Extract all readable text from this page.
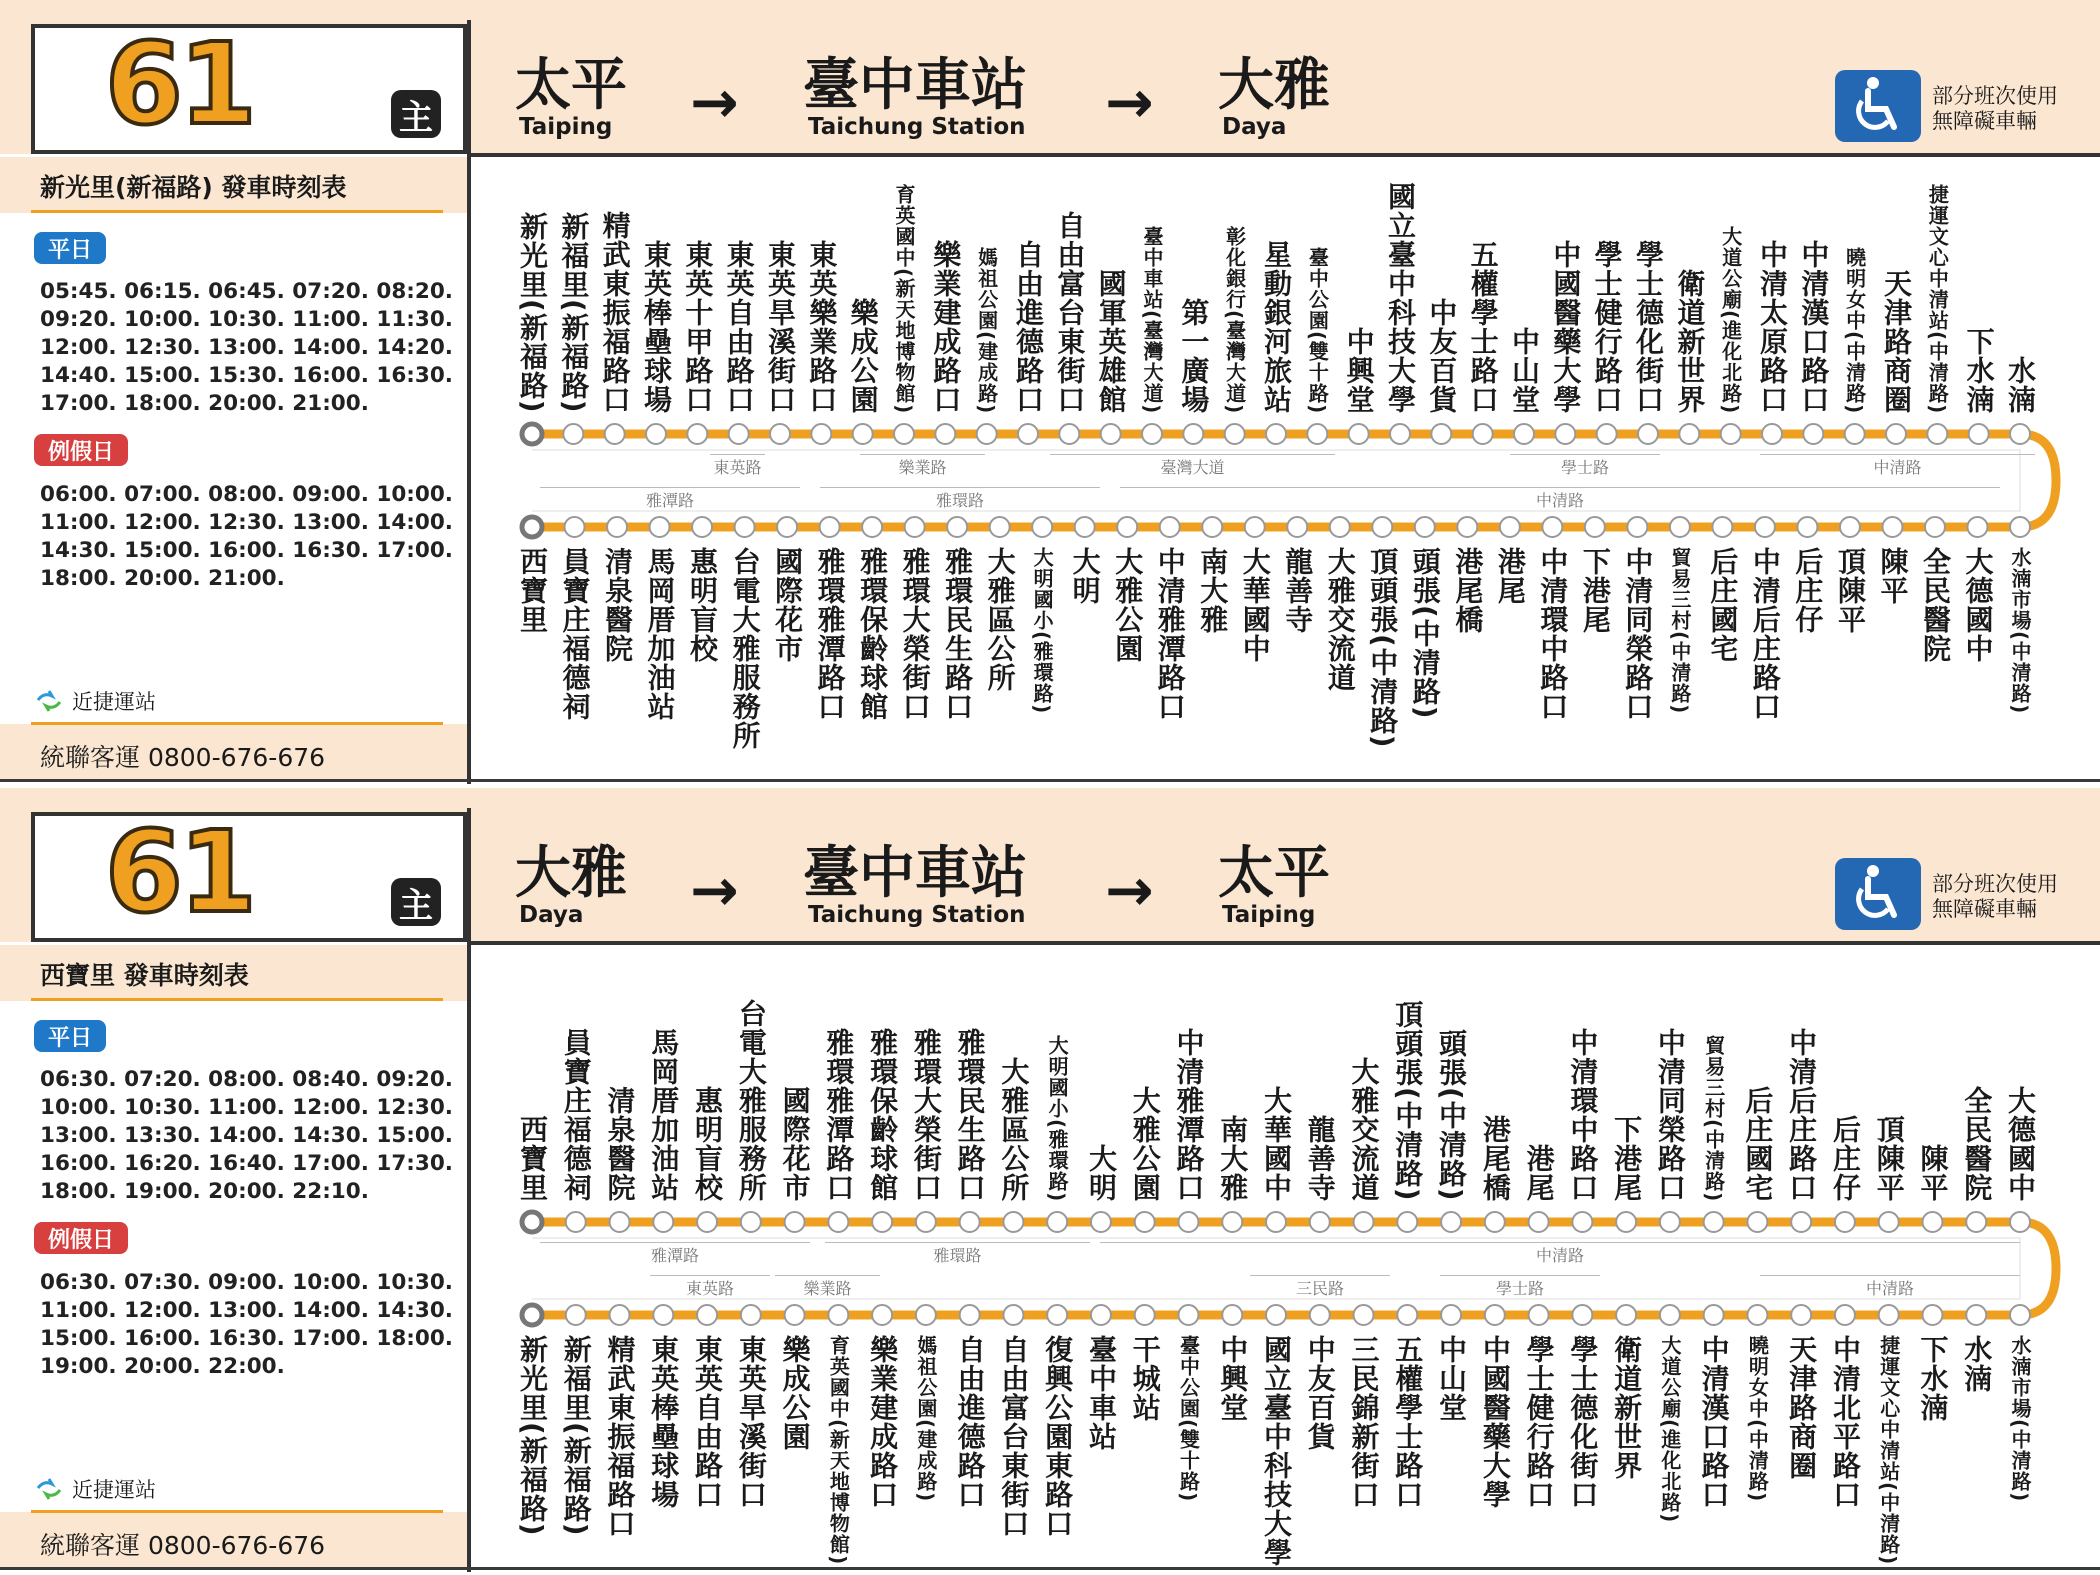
61	主 太平
Taiping → 臺中車站
Taichung Station → 大雅
Daya
部分班次使用
無障礙車輛
新光里(新福路) 發車時刻表
平日
05:45. 06:15. 06:45. 07:20. 08:20.
09:20. 10:00. 10:30. 11:00. 11:30.
12:00. 12:30. 13:00. 14:00. 14:20.
14:40. 15:00. 15:30. 16:00. 16:30.
17:00. 18:00. 20:00. 21:00.
例假日
06:00. 07:00. 08:00. 09:00. 10:00.
11:00. 12:00. 12:30. 13:00. 14:00.
14:30. 15:00. 16:00. 16:30. 17:00.
18:00. 20:00. 21:00.
近捷運站
統聯客運 0800-676-676
新光里(新福路) 新福里(新福路) 精武東振福路口 東英棒壘球場 東英十甲路口 東英自由路口 東英旱溪街口 東英樂業路口 樂成公園 育英國中(新天地博物館) 樂業建成路口 媽祖公園(建成路) 自由進德路口 自由富台東街口 國軍英雄館 臺中車站(臺灣大道) 第一廣場 彰化銀行(臺灣大道) 星動銀河旅站 臺中公園(雙十路) 中興堂 國立臺中科技大學 中友百貨 五權學士路口 中山堂 中國醫藥大學 學士健行路口 學士德化街口 衛道新世界 大道公廟(進化北路) 中清太原路口 中清漢口路口 曉明女中(中清路) 天津路商圈 捷運文心中清站(中清路) 下水湳 水湳
西寶里 員寶庄福德祠 清泉醫院 馬岡厝加油站 惠明盲校 台電大雅服務所 國際花市 雅環雅潭路口 雅環保齡球館 雅環大榮街口 雅環民生路口 大雅區公所 大明國小(雅環路) 大明 大雅公園 中清雅潭路口 南大雅 大華國中 龍善寺 大雅交流道 頂頭張(中清路) 頭張(中清路) 港尾橋 港尾 中清環中路口 下港尾 中清同榮路口 貿易三村(中清路) 后庄國宅 中清后庄路口 后庄仔 頂陳平 陳平 全民醫院 大德國中 水湳市場(中清路)
東英路	樂業路	臺灣大道	學士路	中清路
雅潭路	雅環路	中清路
61	主 大雅
Daya → 臺中車站
Taichung Station → 太平
Taiping
部分班次使用
無障礙車輛
西寶里 發車時刻表
平日
06:30. 07:20. 08:00. 08:40. 09:20.
10:00. 10:30. 11:00. 12:00. 12:30.
13:00. 13:30. 14:00. 14:30. 15:00.
16:00. 16:20. 16:40. 17:00. 17:30.
18:00. 19:00. 20:00. 22:10.
例假日
06:30. 07:30. 09:00. 10:00. 10:30.
11:00. 12:00. 13:00. 14:00. 14:30.
15:00. 16:00. 16:30. 17:00. 18:00.
19:00. 20:00. 22:00.
近捷運站
統聯客運 0800-676-676
西寶里 員寶庄福德祠 清泉醫院 馬岡厝加油站 惠明盲校 台電大雅服務所 國際花市 雅環雅潭路口 雅環保齡球館 雅環大榮街口 雅環民生路口 大雅區公所 大明國小(雅環路) 大明 大雅公園 中清雅潭路口 南大雅 大華國中 龍善寺 大雅交流道 頂頭張(中清路) 頭張(中清路) 港尾橋 港尾 中清環中路口 下港尾 中清同榮路口 貿易三村(中清路) 后庄國宅 中清后庄路口 后庄仔 頂陳平 陳平 全民醫院 大德國中
新光里(新福路) 新福里(新福路) 精武東振福路口 東英棒壘球場 東英自由路口 東英旱溪街口 樂成公園 育英國中(新天地博物館) 樂業建成路口 媽祖公園(建成路) 自由進德路口 自由富台東街口 復興公園東路口 臺中車站 干城站 臺中公園(雙十路) 中興堂 國立臺中科技大學 中友百貨 三民錦新街口 五權學士路口 中山堂 中國醫藥大學 學士健行路口 學士德化街口 衛道新世界 大道公廟(進化北路) 中清漢口路口 曉明女中(中清路) 天津路商圈 中清北平路口 捷運文心中清站(中清路) 下水湳 水湳 水湳市場(中清路)
雅潭路	雅環路	中清路
東英路	樂業路	三民路	學士路	中清路
